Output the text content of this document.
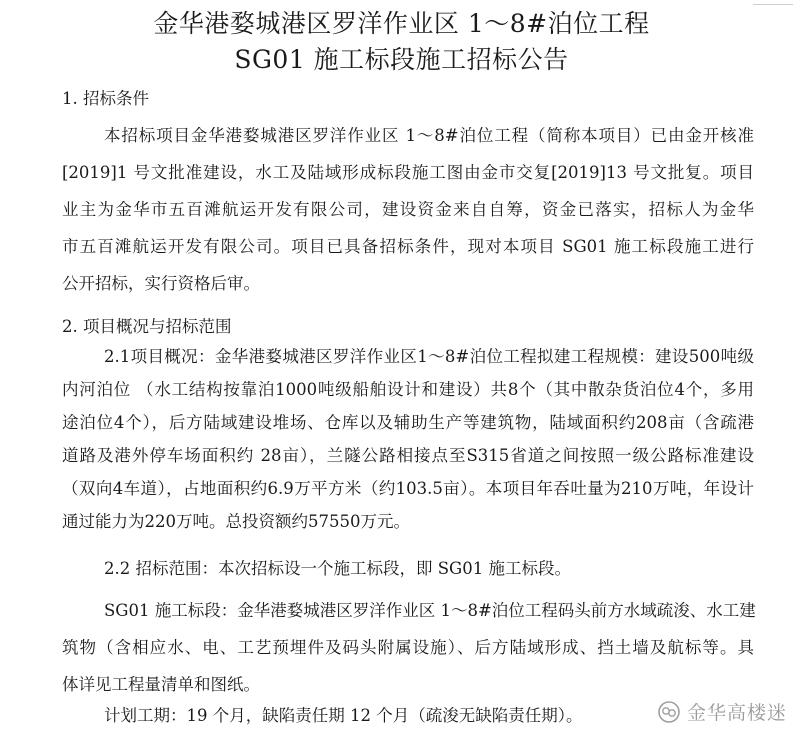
金华港婺城港区罗洋作业区 1～8#泊位工程
SG01 施工标段施工招标公告
1. 招标条件
本招标项目金华港婺城港区罗洋作业区 1～8#泊位工程（简称本项目）已由金开核准
[2019]1 号文批准建设，水工及陆域形成标段施工图由金市交复[2019]13 号文批复。项目
业主为金华市五百滩航运开发有限公司，建设资金来自自筹，资金已落实，招标人为金华
市五百滩航运开发有限公司。项目已具备招标条件，现对本项目 SG01 施工标段施工进行
公开招标，实行资格后审。
2. 项目概况与招标范围
2.1项目概况：金华港婺城港区罗洋作业区1～8#泊位工程拟建工程规模：建设500吨级
内河泊位 （水工结构按靠泊1000吨级船舶设计和建设）共8个（其中散杂货泊位4个，多用
途泊位4个），后方陆域建设堆场、仓库以及辅助生产等建筑物，陆域面积约208亩（含疏港
道路及港外停车场面积约 28亩），兰隧公路相接点至S315省道之间按照一级公路标准建设
（双向4车道），占地面积约6.9万平方米（约103.5亩）。本项目年吞吐量为210万吨，年设计
通过能力为220万吨。总投资额约57550万元。
2.2 招标范围：本次招标设一个施工标段，即 SG01 施工标段。
SG01 施工标段：金华港婺城港区罗洋作业区 1～8#泊位工程码头前方水域疏浚、水工建
筑物（含相应水、电、工艺预埋件及码头附属设施）、后方陆域形成、挡土墙及航标等。具
体详见工程量清单和图纸。
计划工期：19 个月，缺陷责任期 12 个月（疏浚无缺陷责任期）。	金华高楼迷
